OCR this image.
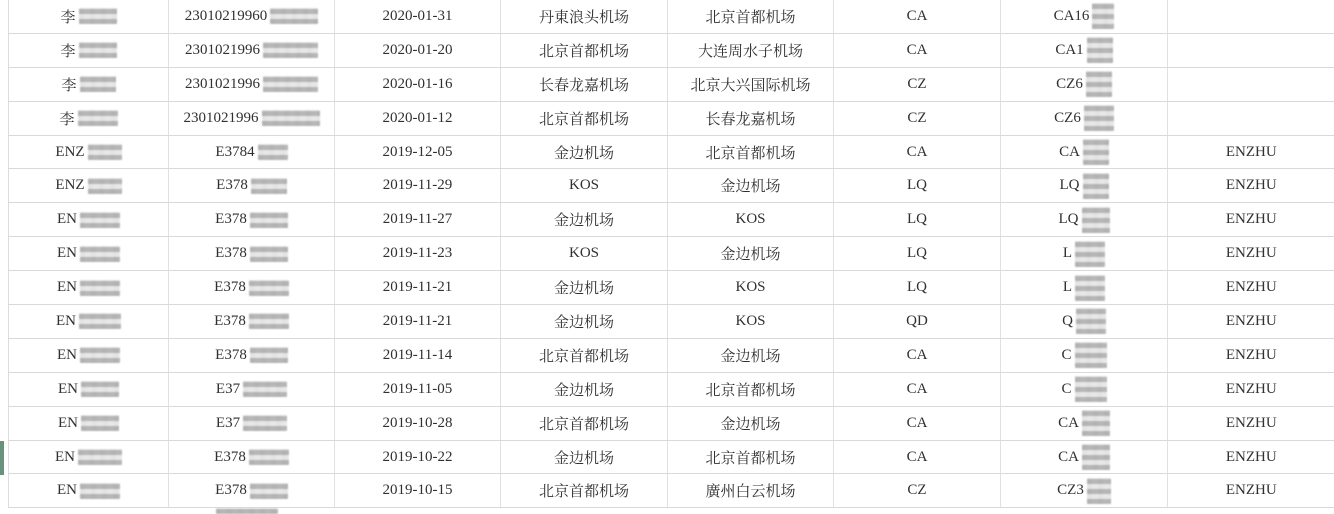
李	23010219960	2020-01-31	丹東浪头机场	北京首都机场	CA	CA16	
李	2301021996	2020-01-20	北京首都机场	大连周水子机场	CA	CA1	
李	2301021996	2020-01-16	长春龙嘉机场	北京大兴国际机场	CZ	CZ6	
李	2301021996	2020-01-12	北京首都机场	长春龙嘉机场	CZ	CZ6	
ENZ	E3784	2019-12-05	金边机场	北京首都机场	CA	CA	ENZHU
ENZ	E378	2019-11-29	KOS	金边机场	LQ	LQ	ENZHU
EN	E378	2019-11-27	金边机场	KOS	LQ	LQ	ENZHU
EN	E378	2019-11-23	KOS	金边机场	LQ	L	ENZHU
EN	E378	2019-11-21	金边机场	KOS	LQ	L	ENZHU
EN	E378	2019-11-21	金边机场	KOS	QD	Q	ENZHU
EN	E378	2019-11-14	北京首都机场	金边机场	CA	C	ENZHU
EN	E37	2019-11-05	金边机场	北京首都机场	CA	C	ENZHU
EN	E37	2019-10-28	北京首都机场	金边机场	CA	CA	ENZHU
EN	E378	2019-10-22	金边机场	北京首都机场	CA	CA	ENZHU
EN	E378	2019-10-15	北京首都机场	廣州白云机场	CZ	CZ3	ENZHU
